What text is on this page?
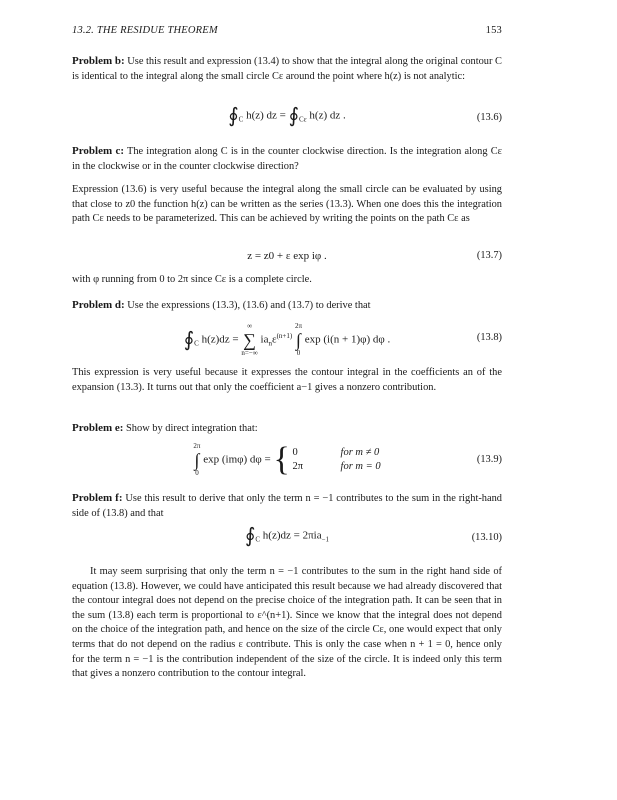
13.2. THE RESIDUE THEOREM	153
Problem b: Use this result and expression (13.4) to show that the integral along the original contour C is identical to the integral along the small circle Cε around the point where h(z) is not analytic:
$∮_C$ h(z) dz = $∮_{C\varepsilon}$ h(z) dz .	(13.6)
Problem c: The integration along C is in the counter clockwise direction. Is the integration along Cε in the clockwise or in the counter clockwise direction?
Expression (13.6) is very useful because the integral along the small circle can be evaluated by using that close to z0 the function h(z) can be written as the series (13.3). When one does this the integration path Cε needs to be parameterized. This can be achieved by writing the points on the path Cε as
z = z0 + ε exp iφ .	(13.7)
with φ running from 0 to 2π since Cε is a complete circle.
Problem d: Use the expressions (13.3), (13.6) and (13.7) to derive that
$∮_C$ h(z)dz =
∞
∑
n=−∞
$ia_n\varepsilon^{(n+1)}$
2π
∫
0
exp (i(n + 1)φ) dφ .	(13.8)
This expression is very useful because it expresses the contour integral in the coefficients an of the expansion (13.3). It turns out that only the coefficient a−1 gives a nonzero contribution.
Problem e: Show by direct integration that:
2π
∫
0
exp (imφ) dφ = { 0	for m ≠ 0
2π	for m = 0
(13.9)
Problem f: Use this result to derive that only the term n = −1 contributes to the sum in the right-hand side of (13.8) and that
$∮_C$ h(z)dz = 2πia$_{-1}$	(13.10)
It may seem surprising that only the term n = −1 contributes to the sum in the right hand side of equation (13.8). However, we could have anticipated this result because we had already discovered that the contour integral does not depend on the precise choice of the integration path. It can be seen that in the sum (13.8) each term is proportional to ε^(n+1). Since we know that the integral does not depend on the choice of the integration path, and hence on the size of the circle Cε, one would expect that only terms that do not depend on the radius ε contribute. This is only the case when n + 1 = 0, hence only for the term n = −1 is the contribution independent of the size of the circle. It is indeed only this term that gives a nonzero contribution to the contour integral.
